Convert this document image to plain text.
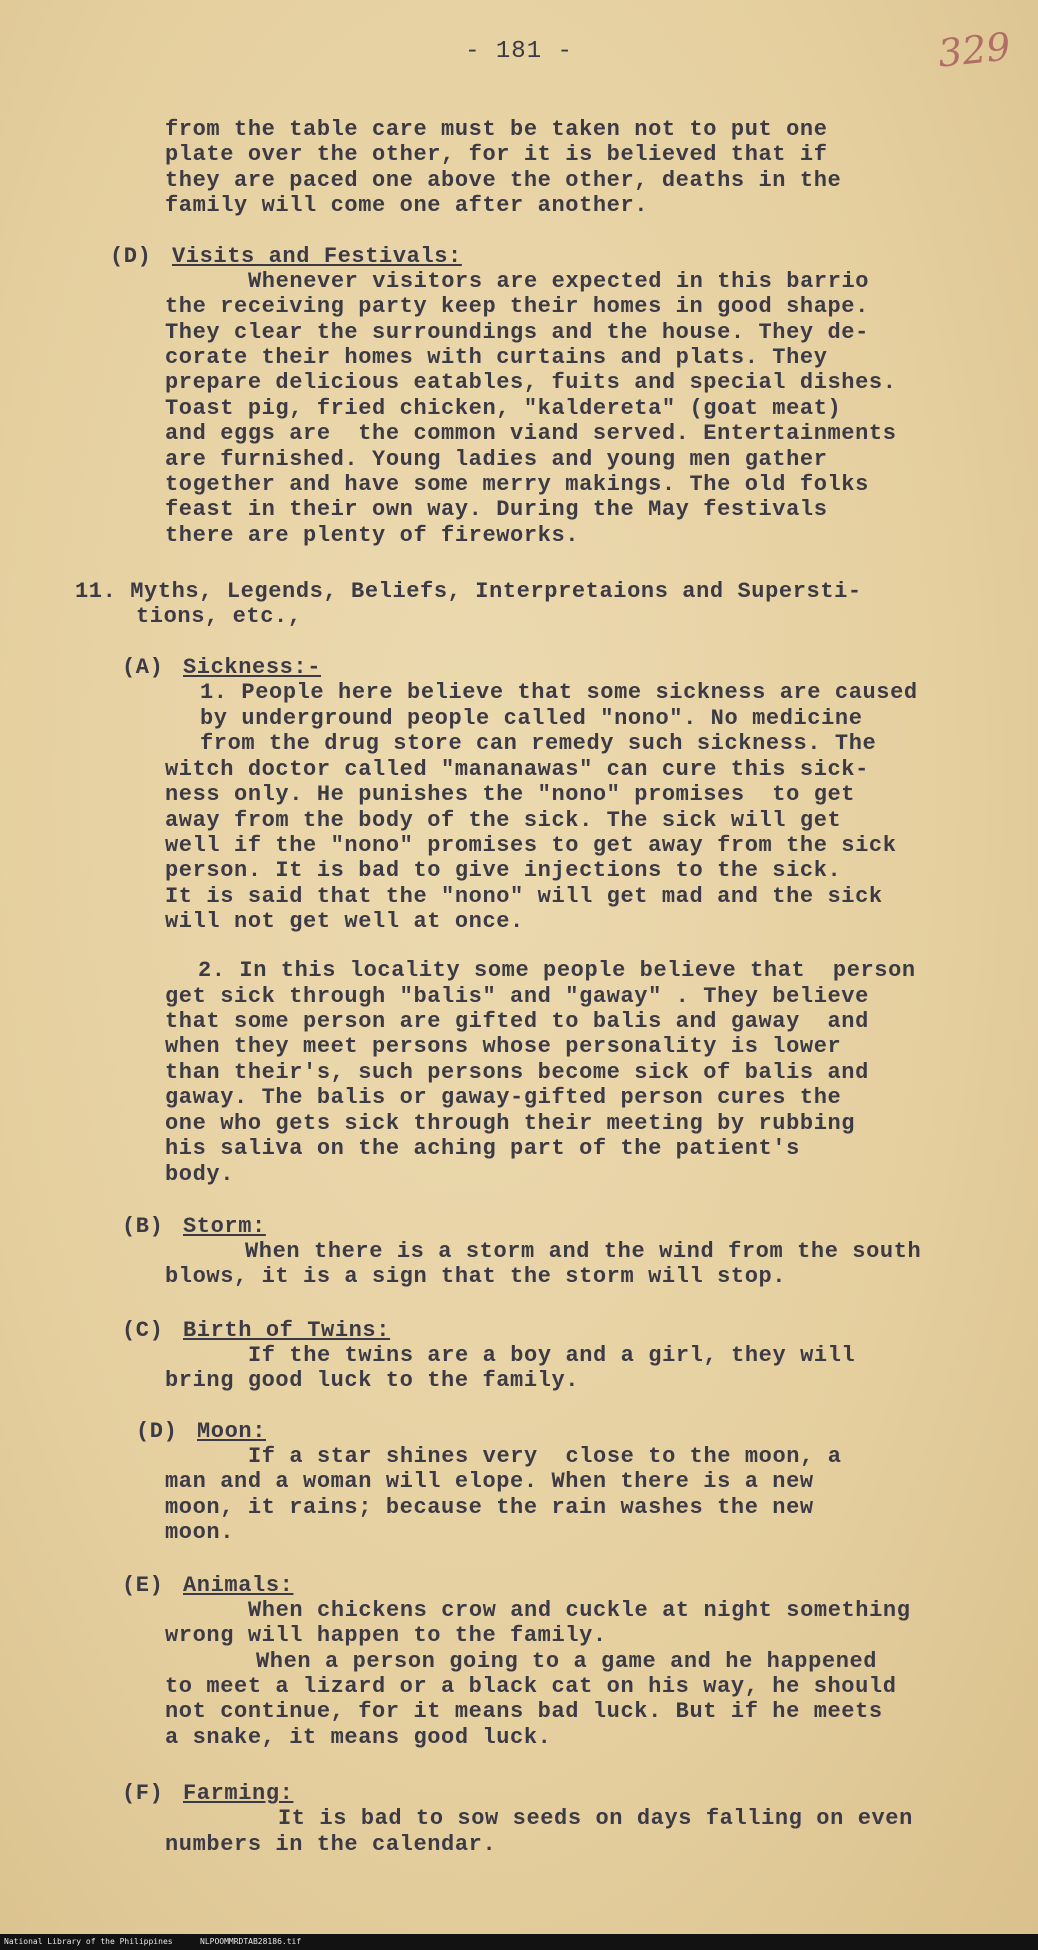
- 181 -	329
from the table care must be taken not to put one
plate over the other, for it is believed that if
they are paced one above the other, deaths in the
family will come one after another.
(D) Visits and Festivals:
Whenever visitors are expected in this barrio
the receiving party keep their homes in good shape.
They clear the surroundings and the house. They de-
corate their homes with curtains and plats. They
prepare delicious eatables, fuits and special dishes.
Toast pig, fried chicken, "kaldereta" (goat meat)
and eggs are  the common viand served. Entertainments
are furnished. Young ladies and young men gather
together and have some merry makings. The old folks
feast in their own way. During the May festivals
there are plenty of fireworks.
11. Myths, Legends, Beliefs, Interpretaions and Supersti-
tions, etc.,
(A) Sickness:-
1. People here believe that some sickness are caused
by underground people called "nono". No medicine
from the drug store can remedy such sickness. The
witch doctor called "mananawas" can cure this sick-
ness only. He punishes the "nono" promises  to get
away from the body of the sick. The sick will get
well if the "nono" promises to get away from the sick
person. It is bad to give injections to the sick.
It is said that the "nono" will get mad and the sick
will not get well at once.
2. In this locality some people believe that  person
get sick through "balis" and "gaway" . They believe
that some person are gifted to balis and gaway  and
when they meet persons whose personality is lower
than their's, such persons become sick of balis and
gaway. The balis or gaway-gifted person cures the
one who gets sick through their meeting by rubbing
his saliva on the aching part of the patient's
body.
(B) Storm:
When there is a storm and the wind from the south
blows, it is a sign that the storm will stop.
(C) Birth of Twins:
If the twins are a boy and a girl, they will
bring good luck to the family.
(D) Moon:
If a star shines very  close to the moon, a
man and a woman will elope. When there is a new
moon, it rains; because the rain washes the new
moon.
(E) Animals:
When chickens crow and cuckle at night something
wrong will happen to the family.
When a person going to a game and he happened
to meet a lizard or a black cat on his way, he should
not continue, for it means bad luck. But if he meets
a snake, it means good luck.
(F) Farming:
It is bad to sow seeds on days falling on even
numbers in the calendar.
National Library of the Philippines	NLPOOMMRDTAB28186.tif
